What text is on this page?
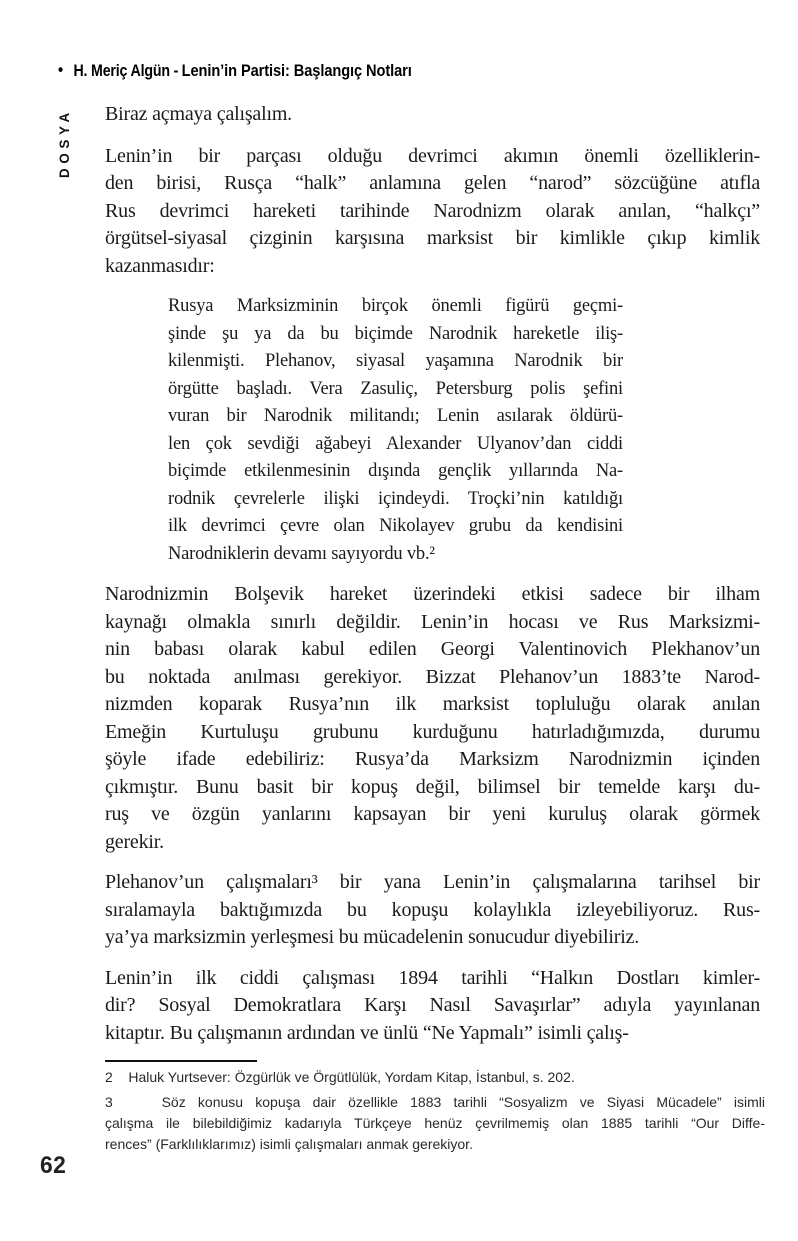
• H. Meriç Algün - Lenin’in Partisi: Başlangıç Notları
DOSYA Biraz açmaya çalışalım.

Lenin’in bir parçası olduğu devrimci akımın önemli özelliklerin-
den birisi, Rusça “halk” anlamına gelen “narod” sözcüğüne atıfla
Rus devrimci hareketi tarihinde Narodnizm olarak anılan, “halkçı”
örgütsel-siyasal çizginin karşısına marksist bir kimlikle çıkıp kimlik
kazanmasıdır:
Rusya Marksizminin birçok önemli figürü geçmi-
şinde şu ya da bu biçimde Narodnik hareketle iliş-
kilenmişti. Plehanov, siyasal yaşamına Narodnik bir
örgütte başladı. Vera Zasuliç, Petersburg polis şefini
vuran bir Narodnik militandı; Lenin asılarak öldürü-
len çok sevdiği ağabeyi Alexander Ulyanov’dan ciddi
biçimde etkilenmesinin dışında gençlik yıllarında Na-
rodnik çevrelerle ilişki içindeydi. Troçki’nin katıldığı
ilk devrimci çevre olan Nikolayev grubu da kendisini
Narodniklerin devamı sayıyordu vb.²
Narodnizmin Bolşevik hareket üzerindeki etkisi sadece bir ilham
kaynağı olmakla sınırlı değildir. Lenin’in hocası ve Rus Marksizmi-
nin babası olarak kabul edilen Georgi Valentinovich Plekhanov’un
bu noktada anılması gerekiyor. Bizzat Plehanov’un 1883’te Narod-
nizmden koparak Rusya’nın ilk marksist topluluğu olarak anılan
Emeğin Kurtuluşu grubunu kurduğunu hatırladığımızda, durumu
şöyle ifade edebiliriz: Rusya’da Marksizm Narodnizmin içinden
çıkmıştır. Bunu basit bir kopuş değil, bilimsel bir temelde karşı du-
ruş ve özgün yanlarını kapsayan bir yeni kuruluş olarak görmek
gerekir.
Plehanov’un çalışmaları³ bir yana Lenin’in çalışmalarına tarihsel bir
sıralamayla baktığımızda bu kopuşu kolaylıkla izleyebiliyoruz. Rus-
ya’ya marksizmin yerleşmesi bu mücadelenin sonucudur diyebiliriz.
Lenin’in ilk ciddi çalışması 1894 tarihli “Halkın Dostları kimler-
dir? Sosyal Demokratlara Karşı Nasıl Savaşırlar” adıyla yayınlanan
kitaptır. Bu çalışmanın ardından ve ünlü “Ne Yapmalı” isimli çalış-
2    Haluk Yurtsever: Özgürlük ve Örgütlülük, Yordam Kitap, İstanbul, s. 202.
3    Söz konusu kopuşa dair özellikle 1883 tarihli “Sosyalizm ve Siyasi Mücadele” isimli
çalışma ile bilebildiğimiz kadarıyla Türkçeye henüz çevrilmemiş olan 1885 tarihli “Our Diffe-
rences” (Farklılıklarımız) isimli çalışmaları anmak gerekiyor.
62
